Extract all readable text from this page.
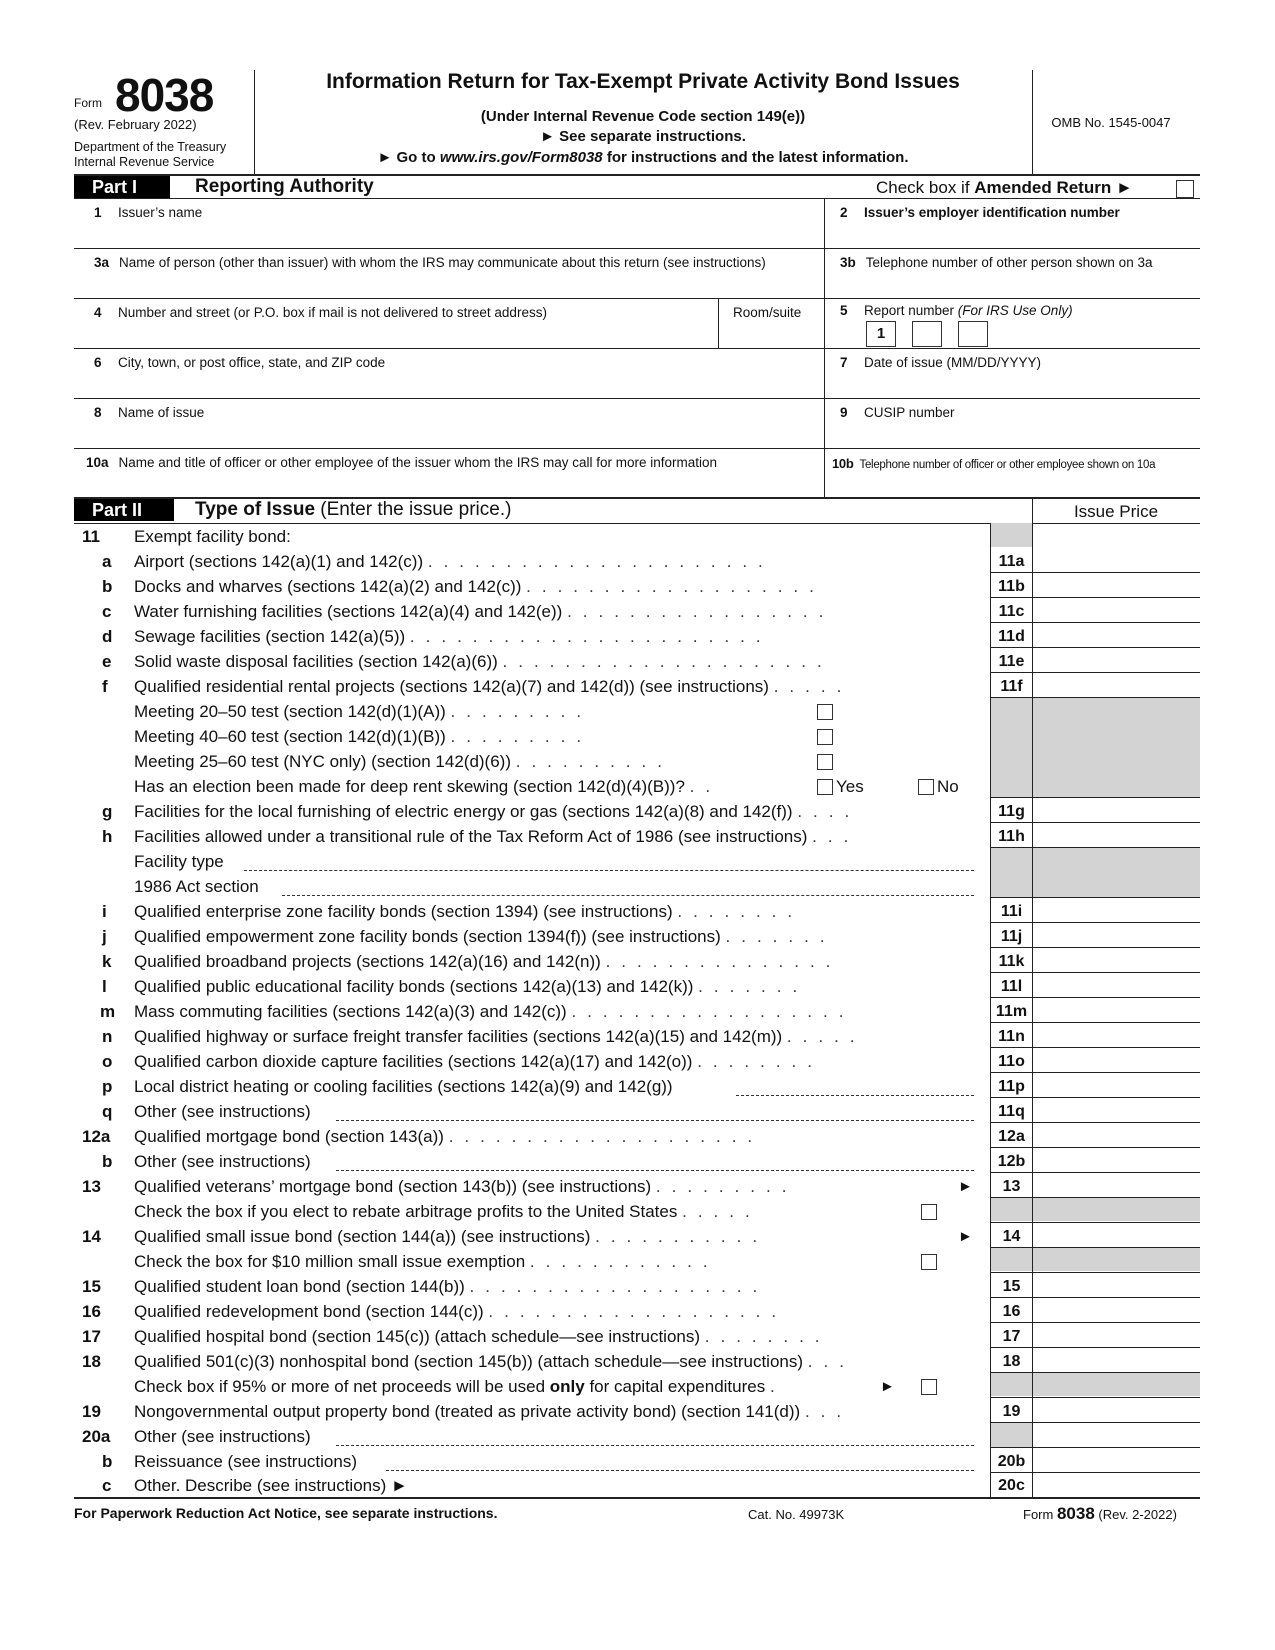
Form 8038
(Rev. February 2022)
Department of the Treasury
Internal Revenue Service
Information Return for Tax-Exempt Private Activity Bond Issues
(Under Internal Revenue Code section 149(e))
► See separate instructions.
► Go to www.irs.gov/Form8038 for instructions and the latest information.
OMB No. 1545-0047
Part I	Reporting Authority	Check box if Amended Return ►
1 Issuer’s name	2 Issuer’s employer identification number
3a Name of person (other than issuer) with whom the IRS may communicate about this return (see instructions)	3b Telephone number of other person shown on 3a
4 Number and street (or P.O. box if mail is not delivered to street address)	Room/suite	5 Report number (For IRS Use Only)
1
6 City, town, or post office, state, and ZIP code	7 Date of issue (MM/DD/YYYY)
8 Name of issue	9 CUSIP number
10a Name and title of officer or other employee of the issuer whom the IRS may call for more information	10b Telephone number of officer or other employee shown on 10a
Part II	Type of Issue (Enter the issue price.)	Issue Price
11	Exempt facility bond:
a	Airport (sections 142(a)(1) and 142(c)) ......................	11a
b	Docks and wharves (sections 142(a)(2) and 142(c)) ...................	11b
c	Water furnishing facilities (sections 142(a)(4) and 142(e)) .................	11c
d	Sewage facilities (section 142(a)(5)) .......................	11d
e	Solid waste disposal facilities (section 142(a)(6)) .....................	11e
f	Qualified residential rental projects (sections 142(a)(7) and 142(d)) (see instructions) .....	11f
Meeting 20–50 test (section 142(d)(1)(A)) .........
Meeting 40–60 test (section 142(d)(1)(B)) .........
Meeting 25–60 test (NYC only) (section 142(d)(6)) ..........
Has an election been made for deep rent skewing (section 142(d)(4)(B))? ..	Yes	No
g	Facilities for the local furnishing of electric energy or gas (sections 142(a)(8) and 142(f)) ....	11g
h	Facilities allowed under a transitional rule of the Tax Reform Act of 1986 (see instructions) ...	11h
Facility type
1986 Act section
i	Qualified enterprise zone facility bonds (section 1394) (see instructions) ........	11i
j	Qualified empowerment zone facility bonds (section 1394(f)) (see instructions) .......	11j
k	Qualified broadband projects (sections 142(a)(16) and 142(n)) ...............	11k
l	Qualified public educational facility bonds (sections 142(a)(13) and 142(k)) .......	11l
m	Mass commuting facilities (sections 142(a)(3) and 142(c)) ..................	11m
n	Qualified highway or surface freight transfer facilities (sections 142(a)(15) and 142(m)) .....	11n
o	Qualified carbon dioxide capture facilities (sections 142(a)(17) and 142(o)) ........	11o
p	Local district heating or cooling facilities (sections 142(a)(9) and 142(g))	11p
q	Other (see instructions)	11q
12a	Qualified mortgage bond (section 143(a)) ....................	12a
b	Other (see instructions)	12b
13	Qualified veterans’ mortgage bond (section 143(b)) (see instructions) .........	►	13
Check the box if you elect to rebate arbitrage profits to the United States .....
14	Qualified small issue bond (section 144(a)) (see instructions) ...........	►	14
Check the box for $10 million small issue exemption ............
15	Qualified student loan bond (section 144(b)) ...................	15
16	Qualified redevelopment bond (section 144(c)) ...................	16
17	Qualified hospital bond (section 145(c)) (attach schedule—see instructions) ........	17
18	Qualified 501(c)(3) nonhospital bond (section 145(b)) (attach schedule—see instructions) ...	18
Check box if 95% or more of net proceeds will be used only for capital expenditures .	►
19	Nongovernmental output property bond (treated as private activity bond) (section 141(d)) ...	19
20a	Other (see instructions)
b	Reissuance (see instructions)	20b
c	Other. Describe (see instructions) ►	20c
For Paperwork Reduction Act Notice, see separate instructions.	Cat. No. 49973K	Form 8038 (Rev. 2-2022)
